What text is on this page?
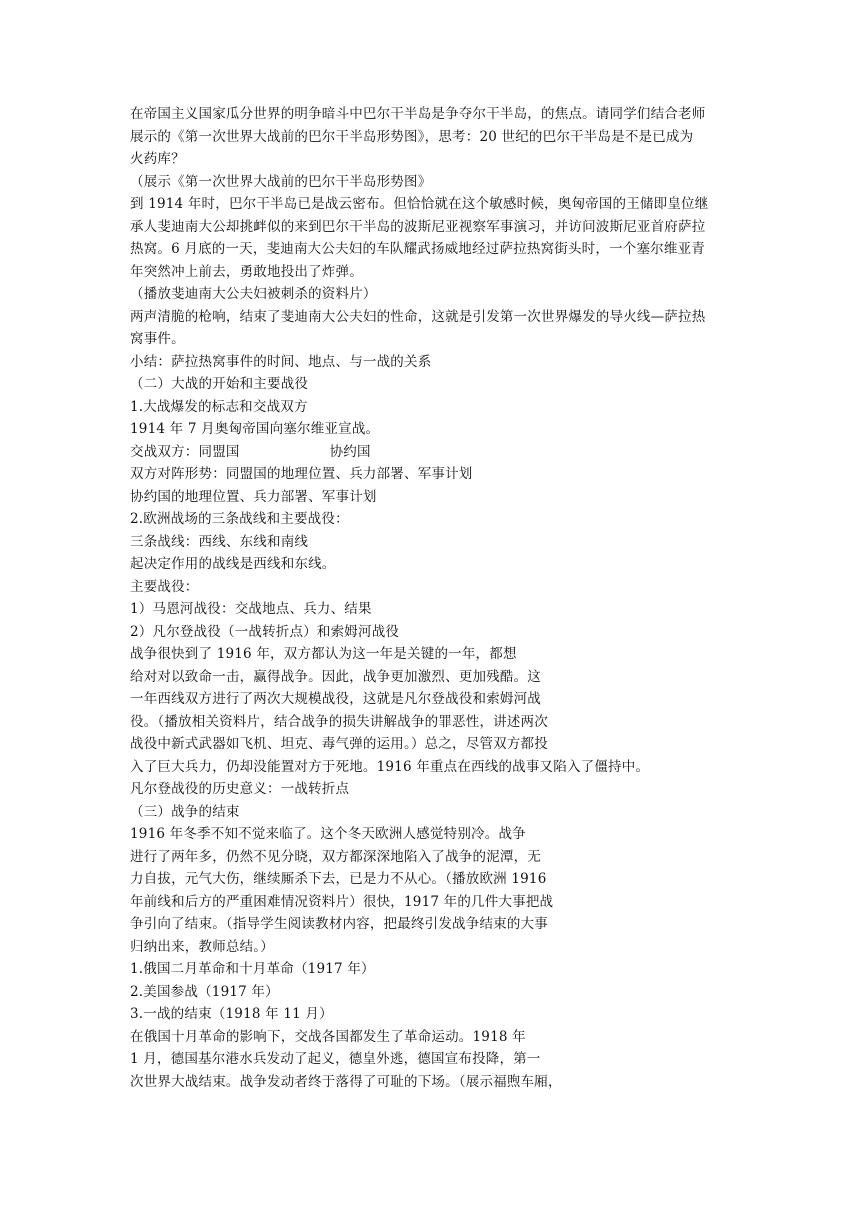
在帝国主义国家瓜分世界的明争暗斗中巴尔干半岛是争夺尔干半岛，的焦点。请同学们结合老师
展示的《第一次世界大战前的巴尔干半岛形势图》，思考：20 世纪的巴尔干半岛是不是已成为
火药库？
（展示《第一次世界大战前的巴尔干半岛形势图》
到 1914 年时，巴尔干半岛已是战云密布。但恰恰就在这个敏感时候，奥匈帝国的王储即皇位继
承人斐迪南大公却挑衅似的来到巴尔干半岛的波斯尼亚视察军事演习，并访问波斯尼亚首府萨拉
热窝。6 月底的一天，斐迪南大公夫妇的车队耀武扬威地经过萨拉热窝街头时，一个塞尔维亚青
年突然冲上前去，勇敢地投出了炸弹。
（播放斐迪南大公夫妇被刺杀的资料片）
两声清脆的枪响，结束了斐迪南大公夫妇的性命，这就是引发第一次世界爆发的导火线—萨拉热
窝事件。
小结：萨拉热窝事件的时间、地点、与一战的关系
（二）大战的开始和主要战役
1.大战爆发的标志和交战双方
1914 年 7 月奥匈帝国向塞尔维亚宣战。
交战双方：同盟国	协约国
双方对阵形势：同盟国的地理位置、兵力部署、军事计划
协约国的地理位置、兵力部署、军事计划
2.欧洲战场的三条战线和主要战役：
三条战线：西线、东线和南线
起决定作用的战线是西线和东线。
主要战役：
1）马恩河战役：交战地点、兵力、结果
2）凡尔登战役（一战转折点）和索姆河战役
战争很快到了 1916 年，双方都认为这一年是关键的一年，都想
给对对以致命一击，赢得战争。因此，战争更加激烈、更加残酷。这
一年西线双方进行了两次大规模战役，这就是凡尔登战役和索姆河战
役。（播放相关资料片，结合战争的损失讲解战争的罪恶性，讲述两次
战役中新式武器如飞机、坦克、毒气弹的运用。）总之，尽管双方都投
入了巨大兵力，仍却没能置对方于死地。1916 年重点在西线的战事又陷入了僵持中。
凡尔登战役的历史意义：一战转折点
（三）战争的结束
1916 年冬季不知不觉来临了。这个冬天欧洲人感觉特别冷。战争
进行了两年多，仍然不见分晓，双方都深深地陷入了战争的泥潭，无
力自拔，元气大伤，继续厮杀下去，已是力不从心。（播放欧洲 1916
年前线和后方的严重困难情况资料片）很快，1917 年的几件大事把战
争引向了结束。（指导学生阅读教材内容，把最终引发战争结束的大事
归纳出来，教师总结。）
1.俄国二月革命和十月革命（1917 年）
2.美国参战（1917 年）
3.一战的结束（1918 年 11 月）
在俄国十月革命的影响下，交战各国都发生了革命运动。1918 年
1 月，德国基尔港水兵发动了起义，德皇外逃，德国宣布投降，第一
次世界大战结束。战争发动者终于落得了可耻的下场。（展示福煦车厢，
